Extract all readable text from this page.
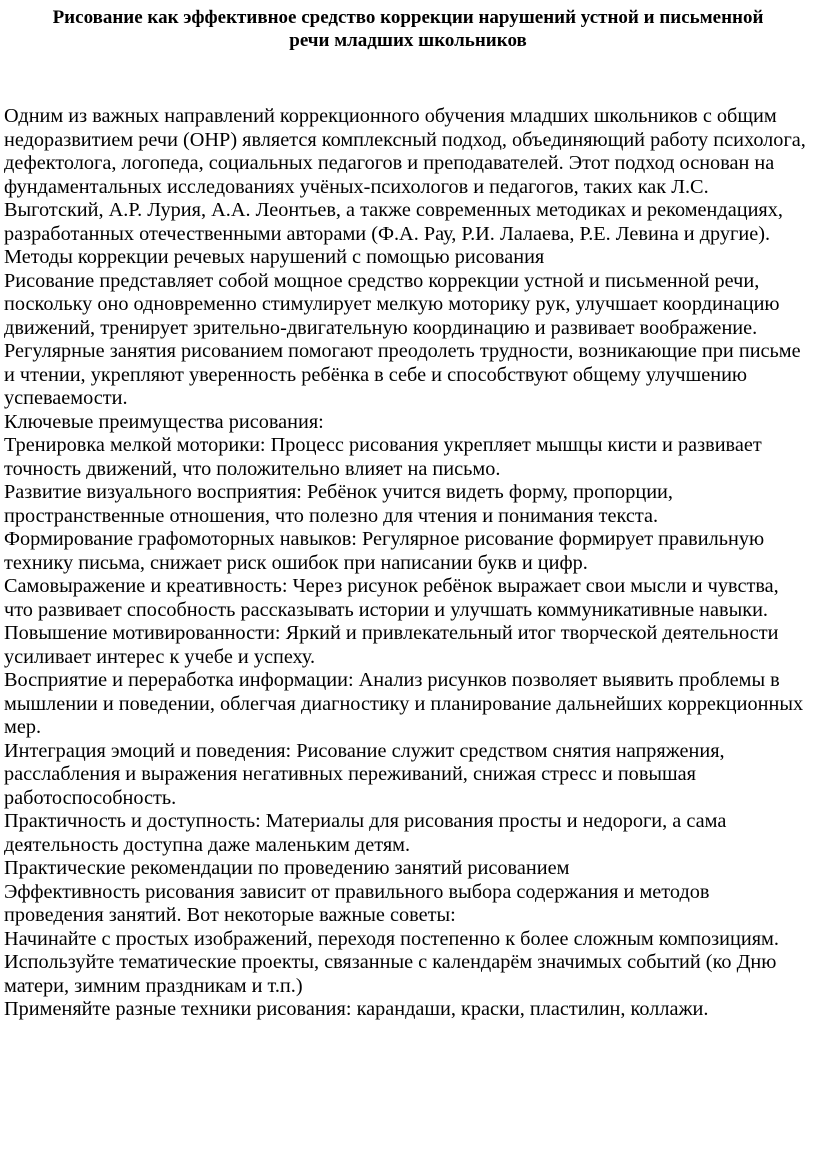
Рисование как эффективное средство коррекции нарушений устной и письменной речи младших школьников

Одним из важных направлений коррекционного обучения младших школьников с общим недоразвитием речи (ОНР) является комплексный подход, объединяющий работу психолога, дефектолога, логопеда, социальных педагогов и преподавателей. Этот подход основан на фундаментальных исследованиях учёных-психологов и педагогов, таких как Л.С. Выготский, А.Р. Лурия, А.А. Леонтьев, а также современных методиках и рекомендациях, разработанных отечественными авторами (Ф.А. Рау, Р.И. Лалаева, Р.Е. Левина и другие).

Методы коррекции речевых нарушений с помощью рисования

Рисование представляет собой мощное средство коррекции устной и письменной речи, поскольку оно одновременно стимулирует мелкую моторику рук, улучшает координацию движений, тренирует зрительно-двигательную координацию и развивает воображение. Регулярные занятия рисованием помогают преодолеть трудности, возникающие при письме и чтении, укрепляют уверенность ребёнка в себе и способствуют общему улучшению успеваемости.

Ключевые преимущества рисования:

Тренировка мелкой моторики: Процесс рисования укрепляет мышцы кисти и развивает точность движений, что положительно влияет на письмо.

Развитие визуального восприятия: Ребёнок учится видеть форму, пропорции, пространственные отношения, что полезно для чтения и понимания текста.

Формирование графомоторных навыков: Регулярное рисование формирует правильную технику письма, снижает риск ошибок при написании букв и цифр.

Самовыражение и креативность: Через рисунок ребёнок выражает свои мысли и чувства, что развивает способность рассказывать истории и улучшать коммуникативные навыки.

Повышение мотивированности: Яркий и привлекательный итог творческой деятельности усиливает интерес к учебе и успеху.

Восприятие и переработка информации: Анализ рисунков позволяет выявить проблемы в мышлении и поведении, облегчая диагностику и планирование дальнейших коррекционных мер.

Интеграция эмоций и поведения: Рисование служит средством снятия напряжения, расслабления и выражения негативных переживаний, снижая стресс и повышая работоспособность.

Практичность и доступность: Материалы для рисования просты и недороги, а сама деятельность доступна даже маленьким детям.

Практические рекомендации по проведению занятий рисованием

Эффективность рисования зависит от правильного выбора содержания и методов проведения занятий. Вот некоторые важные советы:

Начинайте с простых изображений, переходя постепенно к более сложным композициям.

Используйте тематические проекты, связанные с календарём значимых событий (ко Дню матери, зимним праздникам и т.п.)

Применяйте разные техники рисования: карандаши, краски, пластилин, коллажи.
